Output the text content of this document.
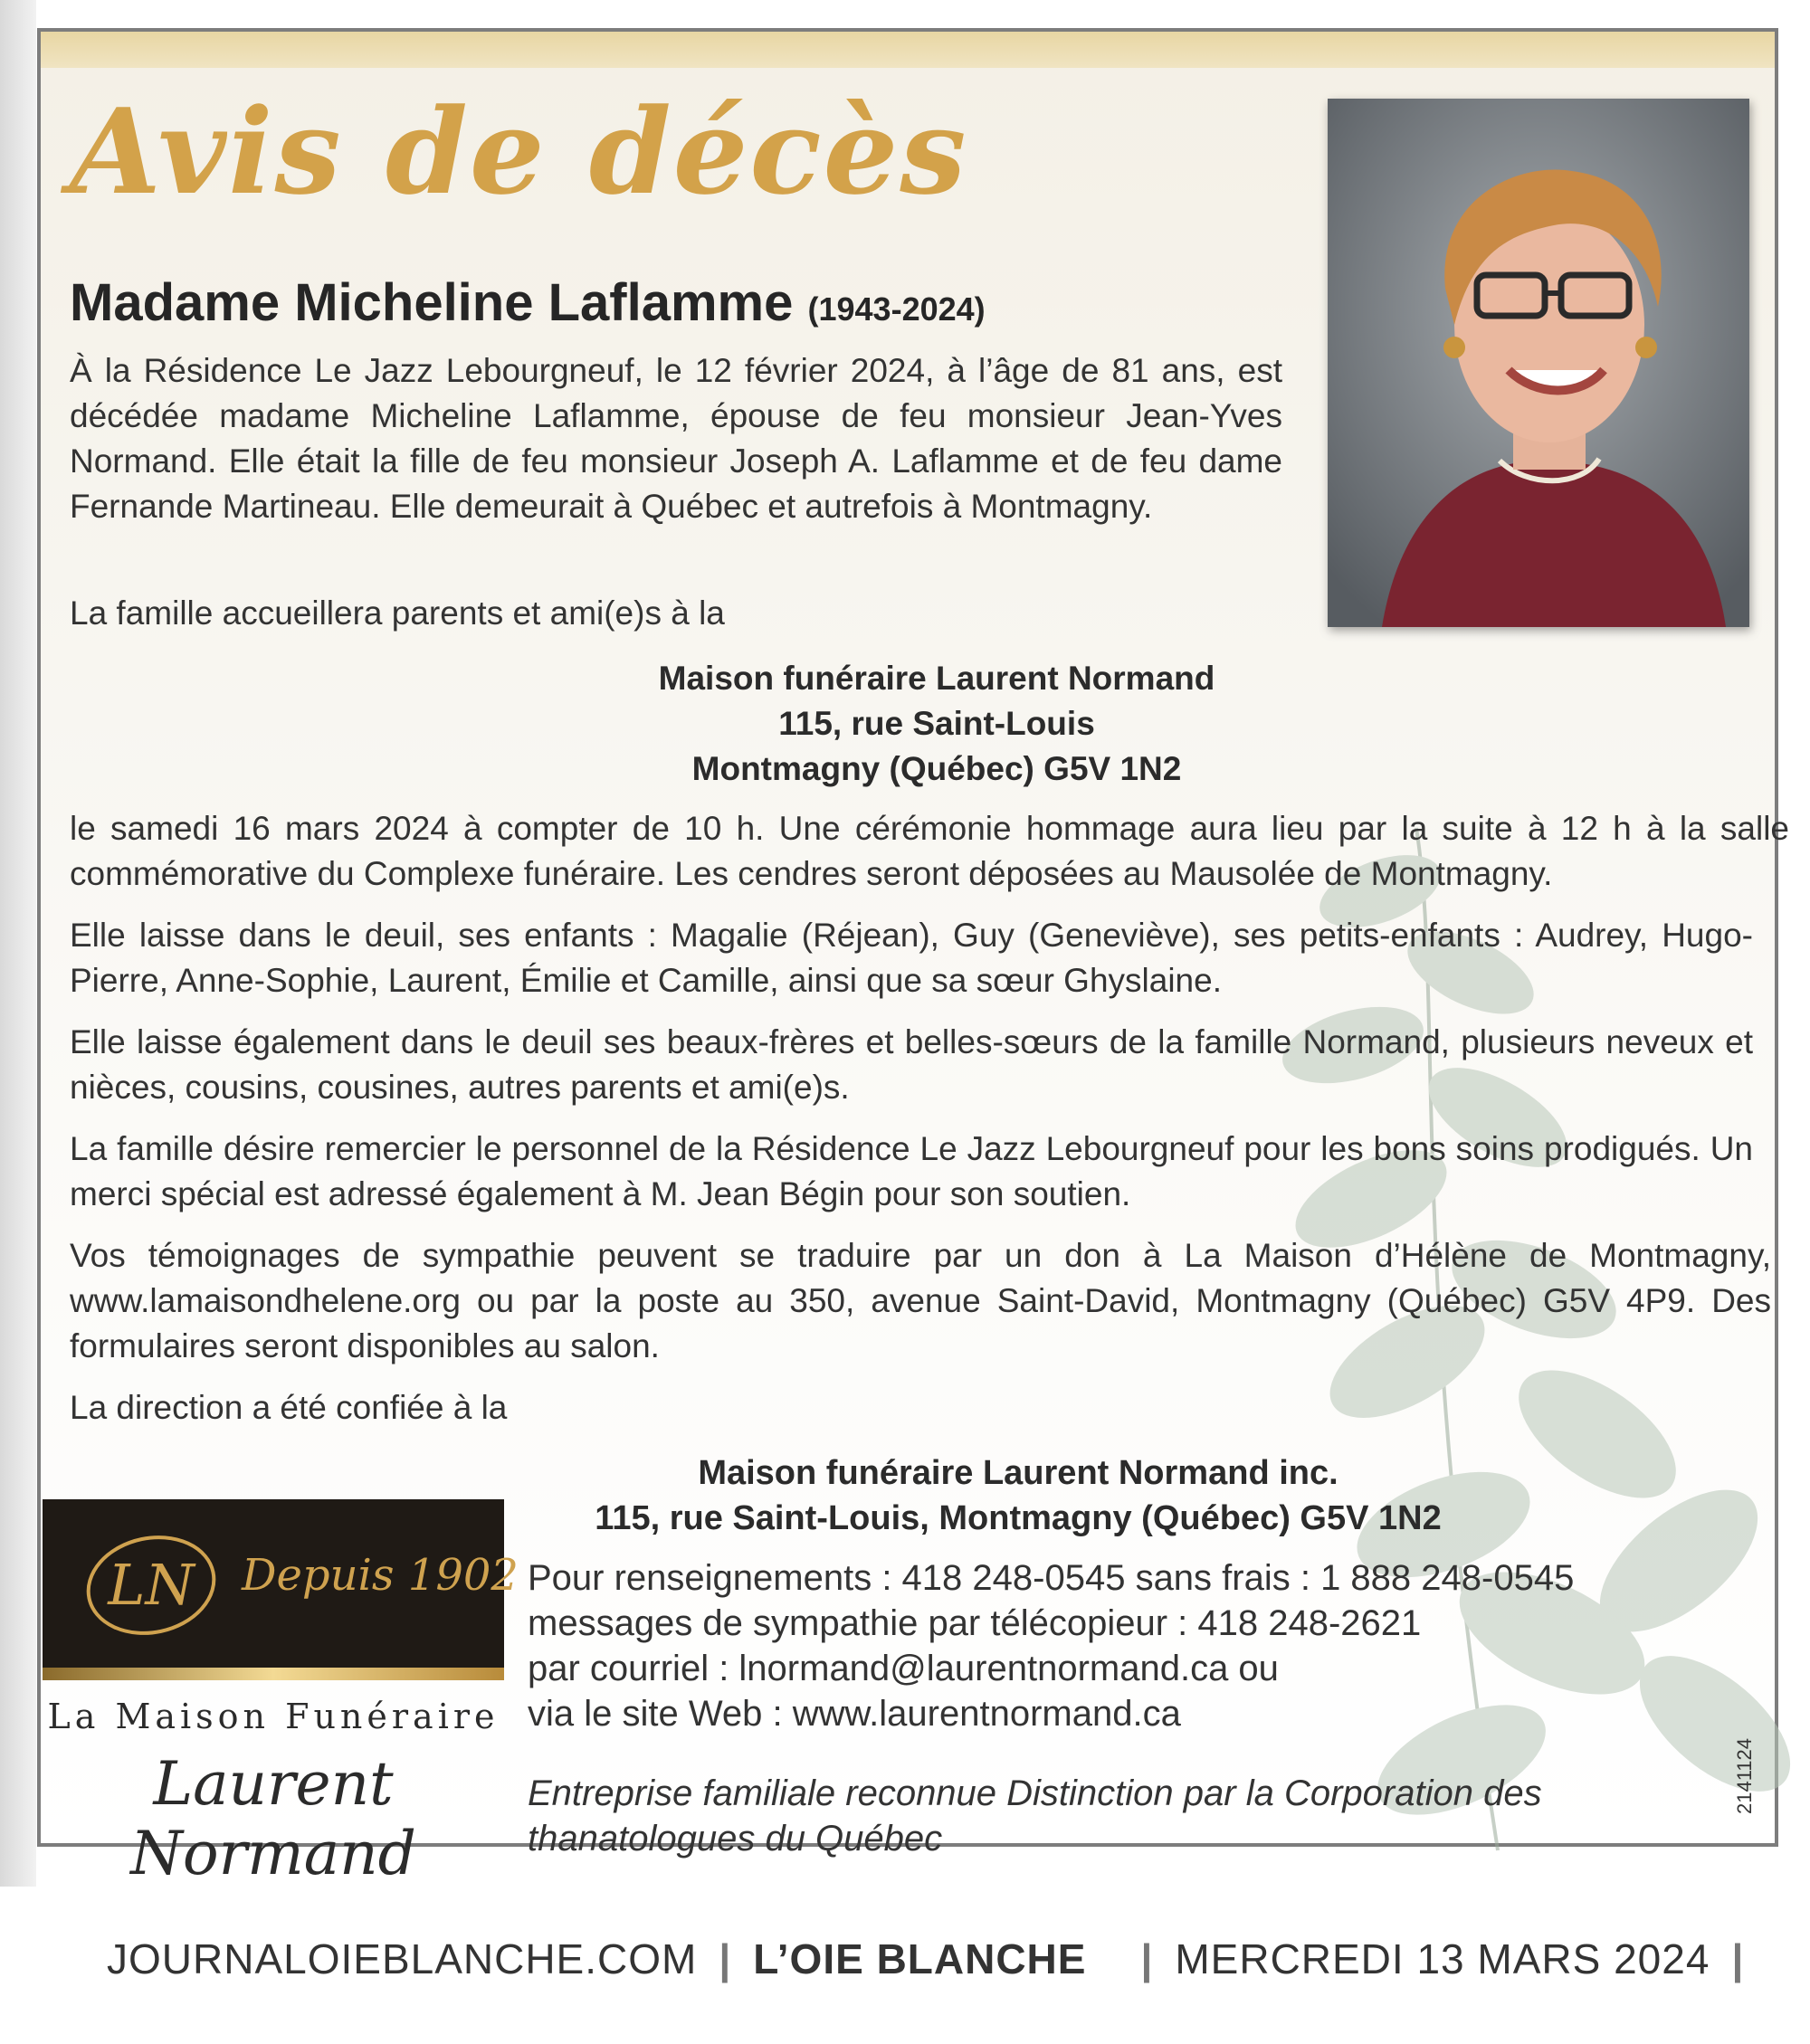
Avis de décès

Madame Micheline Laflamme (1943-2024)

À la Résidence Le Jazz Lebourgneuf, le 12 février 2024, à l’âge de 81 ans, est décédée madame Micheline Laflamme, épouse de feu monsieur Jean-Yves Normand. Elle était la fille de feu monsieur Joseph A. Laflamme et de feu dame Fernande Martineau. Elle demeurait à Québec et autrefois à Montmagny.

La famille accueillera parents et ami(e)s à la

Maison funéraire Laurent Normand
115, rue Saint-Louis
Montmagny (Québec) G5V 1N2

le samedi 16 mars 2024 à compter de 10 h. Une cérémonie hommage aura lieu par la suite à 12 h à la salle commémorative du Complexe funéraire. Les cendres seront déposées au Mausolée de Montmagny.

Elle laisse dans le deuil, ses enfants : Magalie (Réjean), Guy (Geneviève), ses petits-enfants : Audrey, Hugo-Pierre, Anne-Sophie, Laurent, Émilie et Camille, ainsi que sa sœur Ghyslaine.

Elle laisse également dans le deuil ses beaux-frères et belles-sœurs de la famille Normand, plusieurs neveux et nièces, cousins, cousines, autres parents et ami(e)s.

La famille désire remercier le personnel de la Résidence Le Jazz Lebourgneuf pour les bons soins prodigués. Un merci spécial est adressé également à M. Jean Bégin pour son soutien.

Vos témoignages de sympathie peuvent se traduire par un don à La Maison d’Hélène de Montmagny, www.lamaisondhelene.org ou par la poste au 350, avenue Saint-David, Montmagny (Québec) G5V 4P9. Des formulaires seront disponibles au salon.

La direction a été confiée à la

Maison funéraire Laurent Normand inc.
115, rue Saint-Louis, Montmagny (Québec) G5V 1N2
LN Depuis 1902

La Maison Funéraire

Laurent Normand

Pour renseignements : 418 248-0545 sans frais : 1 888 248-0545

messages de sympathie par télécopieur : 418 248-2621

par courriel : lnormand@laurentnormand.ca ou

via le site Web : www.laurentnormand.ca

Entreprise familiale reconnue Distinction par la Corporation des thanatologues du Québec

2141124

JOURNALOIEBLANCHE.COM | L’OIE BLANCHE | MERCREDI 13 MARS 2024 |
